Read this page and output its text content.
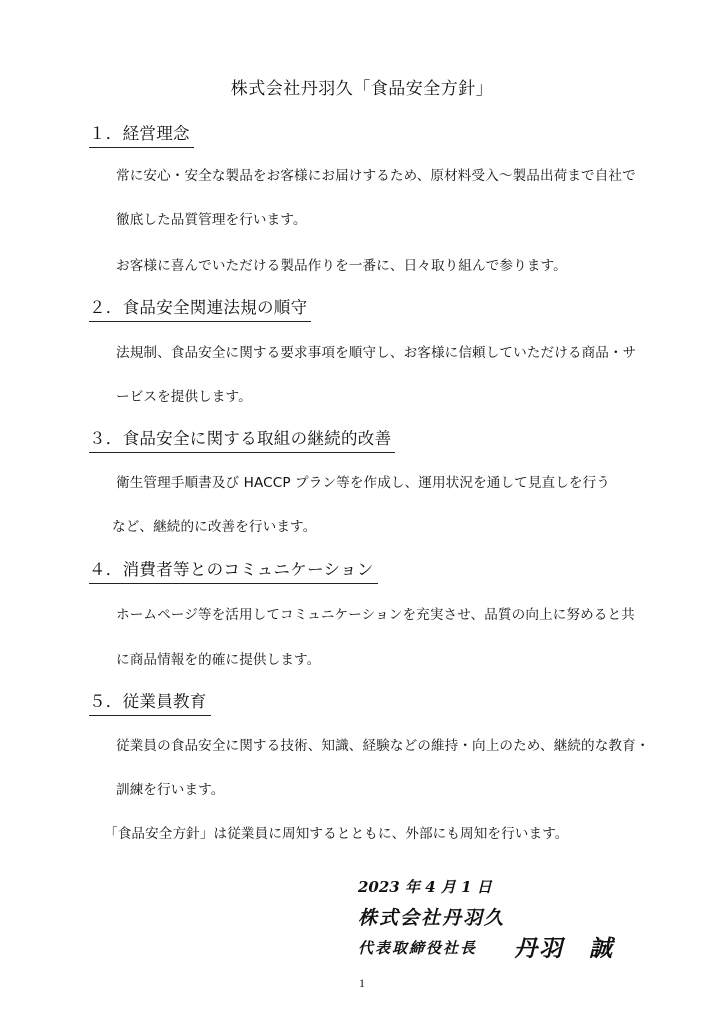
株式会社丹羽久「食品安全方針」
１．経営理念
常に安心・安全な製品をお客様にお届けするため、原材料受入～製品出荷まで自社で
徹底した品質管理を行います。
お客様に喜んでいただける製品作りを一番に、日々取り組んで参ります。
２．食品安全関連法規の順守
法規制、食品安全に関する要求事項を順守し、お客様に信頼していただける商品・サ
ービスを提供します。
３．食品安全に関する取組の継続的改善
衛生管理手順書及び HACCP プラン等を作成し、運用状況を通して見直しを行う
など、継続的に改善を行います。
４．消費者等とのコミュニケーション
ホームページ等を活用してコミュニケーションを充実させ、品質の向上に努めると共
に商品情報を的確に提供します。
５．従業員教育
従業員の食品安全に関する技術、知識、経験などの維持・向上のため、継続的な教育・
訓練を行います。
「食品安全方針」は従業員に周知するとともに、外部にも周知を行います。
2023 年 4 月 1 日
株式会社丹羽久
代表取締役社長 丹羽　誠
1
